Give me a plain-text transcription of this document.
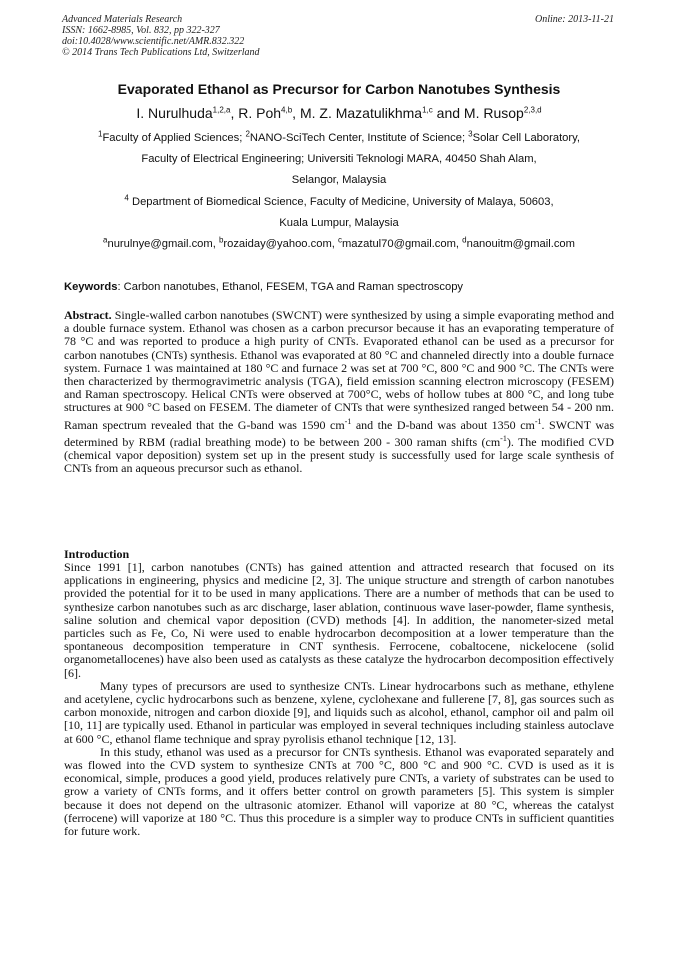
Advanced Materials Research
ISSN: 1662-8985, Vol. 832, pp 322-327
doi:10.4028/www.scientific.net/AMR.832.322
© 2014 Trans Tech Publications Ltd, Switzerland
Online: 2013-11-21
Evaporated Ethanol as Precursor for Carbon Nanotubes Synthesis
I. Nurulhuda$^{1,2,a}$, R. Poh$^{4,b}$, M. Z. Mazatulikhma$^{1,c}$ and M. Rusop$^{2,3,d}$
$^1$Faculty of Applied Sciences; $^2$NANO-SciTech Center, Institute of Science; $^3$Solar Cell Laboratory,
Faculty of Electrical Engineering; Universiti Teknologi MARA, 40450 Shah Alam,
Selangor, Malaysia
$^4$ Department of Biomedical Science, Faculty of Medicine, University of Malaya, 50603,
Kuala Lumpur, Malaysia
$^a$nurulnye@gmail.com, $^b$rozaiday@yahoo.com, $^c$mazatul70@gmail.com, $^d$nanouitm@gmail.com
Keywords: Carbon nanotubes, Ethanol, FESEM, TGA and Raman spectroscopy

Abstract. Single-walled carbon nanotubes (SWCNT) were synthesized by using a simple evaporating method and a double furnace system. Ethanol was chosen as a carbon precursor because it has an evaporating temperature of 78 °C and was reported to produce a high purity of CNTs. Evaporated ethanol can be used as a precursor for carbon nanotubes (CNTs) synthesis. Ethanol was evaporated at 80 °C and channeled directly into a double furnace system. Furnace 1 was maintained at 180 °C and furnace 2 was set at 700 °C, 800 °C and 900 °C. The CNTs were then characterized by thermogravimetric analysis (TGA), field emission scanning electron microscopy (FESEM) and Raman spectroscopy. Helical CNTs were observed at 700°C, webs of hollow tubes at 800 °C, and long tube structures at 900 °C based on FESEM. The diameter of CNTs that were synthesized ranged between 54 - 200 nm. Raman spectrum revealed that the G-band was 1590 $cm^{-1}$ and the D-band was about 1350 $cm^{-1}$. SWCNT was determined by RBM (radial breathing mode) to be between 200 - 300 raman shifts $(cm^{-1})$. The modified CVD (chemical vapor deposition) system set up in the present study is successfully used for large scale synthesis of CNTs from an aqueous precursor such as ethanol.

Introduction

Since 1991 [1], carbon nanotubes (CNTs) has gained attention and attracted research that focused on its applications in engineering, physics and medicine [2, 3]. The unique structure and strength of carbon nanotubes provided the potential for it to be used in many applications. There are a number of methods that can be used to synthesize carbon nanotubes such as arc discharge, laser ablation, continuous wave laser-powder, flame synthesis, saline solution and chemical vapor deposition (CVD) methods [4]. In addition, the nanometer-sized metal particles such as Fe, Co, Ni were used to enable hydrocarbon decomposition at a lower temperature than the spontaneous decomposition temperature in CNT synthesis. Ferrocene, cobaltocene, nickelocene (solid organometallocenes) have also been used as catalysts as these catalyze the hydrocarbon decomposition effectively [6].

Many types of precursors are used to synthesize CNTs. Linear hydrocarbons such as methane, ethylene and acetylene, cyclic hydrocarbons such as benzene, xylene, cyclohexane and fullerene [7, 8], gas sources such as carbon monoxide, nitrogen and carbon dioxide [9], and liquids such as alcohol, ethanol, camphor oil and palm oil [10, 11] are typically used. Ethanol in particular was employed in several techniques including stainless autoclave at 600 °C, ethanol flame technique and spray pyrolisis ethanol technique [12, 13].

In this study, ethanol was used as a precursor for CNTs synthesis. Ethanol was evaporated separately and was flowed into the CVD system to synthesize CNTs at 700 °C, 800 °C and 900 °C. CVD is used as it is economical, simple, produces a good yield, produces relatively pure CNTs, a variety of substrates can be used to grow a variety of CNTs forms, and it offers better control on growth parameters [5]. This system is simpler because it does not depend on the ultrasonic atomizer. Ethanol will vaporize at 80 °C, whereas the catalyst (ferrocene) will vaporize at 180 °C. Thus this procedure is a simpler way to produce CNTs in sufficient quantities for future work.
